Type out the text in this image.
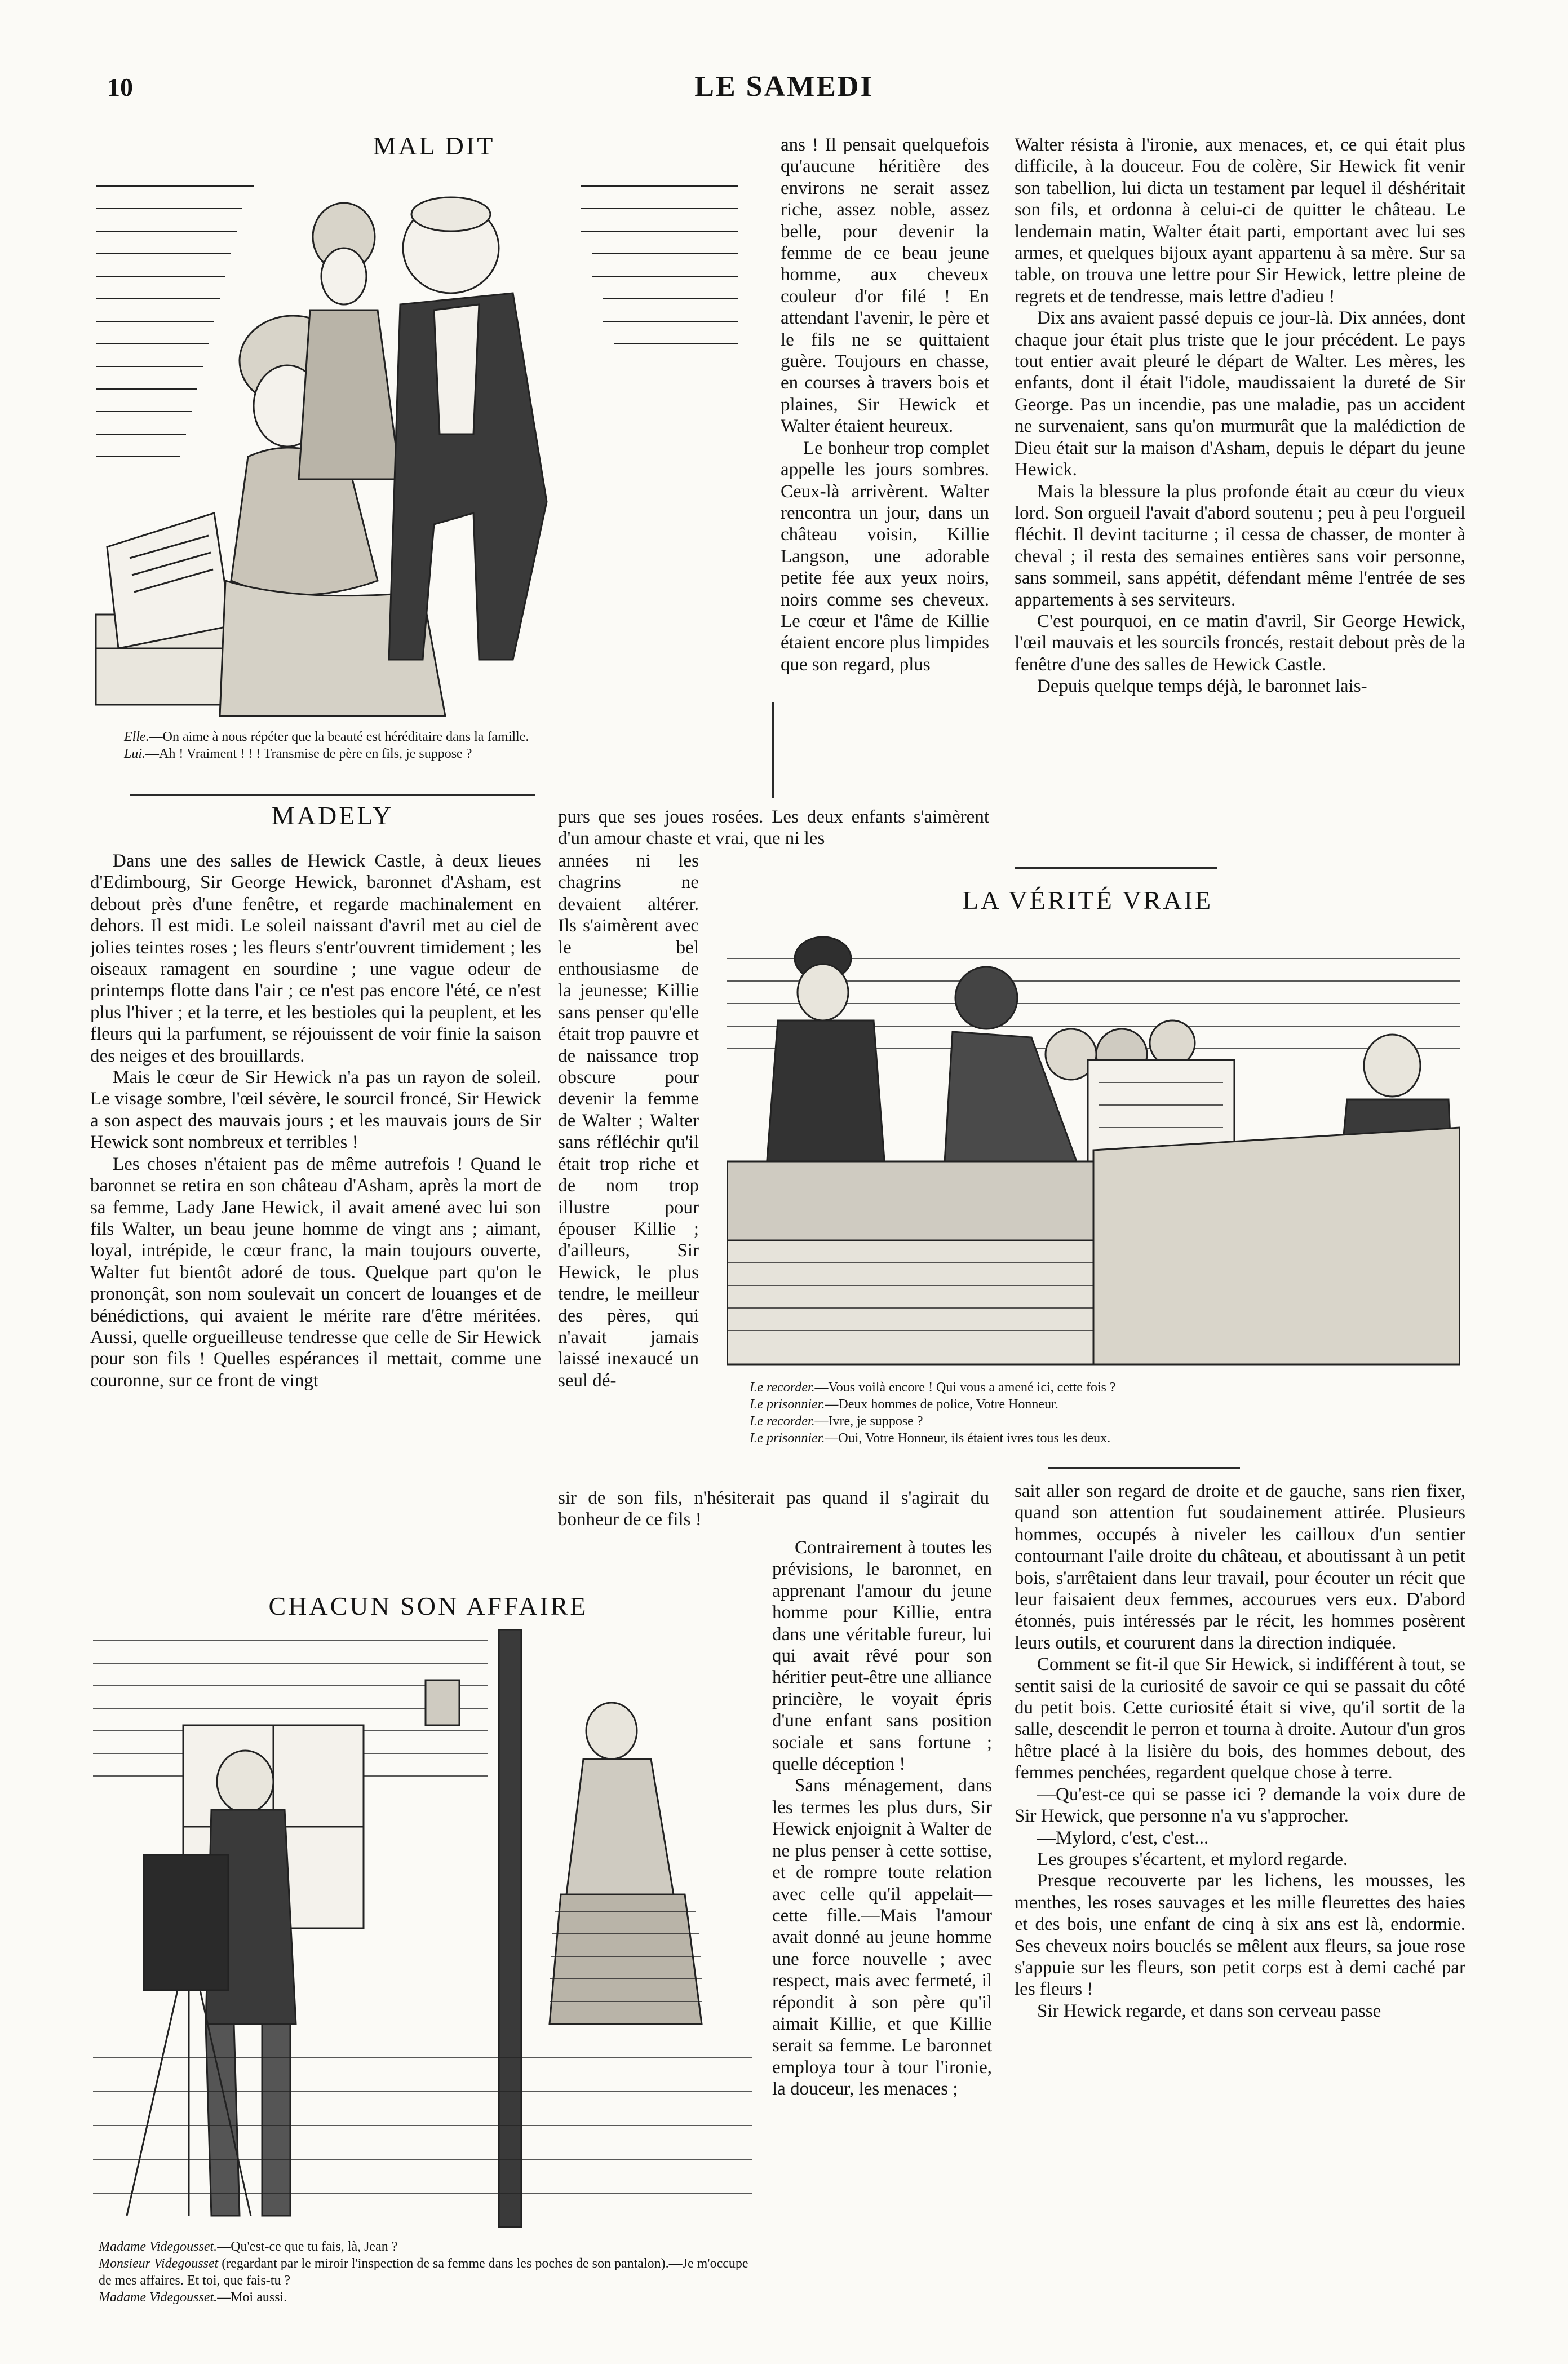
10	LE SAMEDI
MAL DIT
Elle.—On aime à nous répéter que la beauté est héréditaire dans la famille.
Lui.—Ah ! Vraiment ! ! ! Transmise de père en fils, je suppose ?

ans ! Il pensait quelquefois qu'aucune héritière des environs ne serait assez riche, assez noble, assez belle, pour devenir la femme de ce beau jeune homme, aux cheveux couleur d'or filé ! En attendant l'avenir, le père et le fils ne se quittaient guère. Toujours en chasse, en courses à travers bois et plaines, Sir Hewick et Walter étaient heureux.

Le bonheur trop complet appelle les jours sombres. Ceux-là arrivèrent. Walter rencontra un jour, dans un château voisin, Killie Langson, une adorable petite fée aux yeux noirs, noirs comme ses cheveux. Le cœur et l'âme de Killie étaient encore plus limpides que son regard, plus

purs que ses joues rosées. Les deux enfants s'aimèrent d'un amour chaste et vrai, que ni les

années ni les chagrins ne devaient altérer. Ils s'aimèrent avec le bel enthousiasme de la jeunesse; Killie sans penser qu'elle était trop pauvre et de naissance trop obscure pour devenir la femme de Walter ; Walter sans réfléchir qu'il était trop riche et de nom trop illustre pour épouser Killie ; d'ailleurs, Sir Hewick, le plus tendre, le meilleur des pères, qui n'avait jamais laissé inexaucé un seul dé-

sir de son fils, n'hésiterait pas quand il s'agirait du bonheur de ce fils !

Walter résista à l'ironie, aux menaces, et, ce qui était plus difficile, à la douceur. Fou de colère, Sir Hewick fit venir son tabellion, lui dicta un testament par lequel il déshéritait son fils, et ordonna à celui-ci de quitter le château. Le lendemain matin, Walter était parti, emportant avec lui ses armes, et quelques bijoux ayant appartenu à sa mère. Sur sa table, on trouva une lettre pour Sir Hewick, lettre pleine de regrets et de tendresse, mais lettre d'adieu !

Dix ans avaient passé depuis ce jour-là. Dix années, dont chaque jour était plus triste que le jour précédent. Le pays tout entier avait pleuré le départ de Walter. Les mères, les enfants, dont il était l'idole, maudissaient la dureté de Sir George. Pas un incendie, pas une maladie, pas un accident ne survenaient, sans qu'on murmurât que la malédiction de Dieu était sur la maison d'Asham, depuis le départ du jeune Hewick.

Mais la blessure la plus profonde était au cœur du vieux lord. Son orgueil l'avait d'abord soutenu ; peu à peu l'orgueil fléchit. Il devint taciturne ; il cessa de chasser, de monter à cheval ; il resta des semaines entières sans voir personne, sans sommeil, sans appétit, défendant même l'entrée de ses appartements à ses serviteurs.

C'est pourquoi, en ce matin d'avril, Sir George Hewick, l'œil mauvais et les sourcils froncés, restait debout près de la fenêtre d'une des salles de Hewick Castle.

Depuis quelque temps déjà, le baronnet lais-

MADELY

Dans une des salles de Hewick Castle, à deux lieues d'Edimbourg, Sir George Hewick, baronnet d'Asham, est debout près d'une fenêtre, et regarde machinalement en dehors. Il est midi. Le soleil naissant d'avril met au ciel de jolies teintes roses ; les fleurs s'entr'ouvrent timidement ; les oiseaux ramagent en sourdine ; une vague odeur de printemps flotte dans l'air ; ce n'est pas encore l'été, ce n'est plus l'hiver ; et la terre, et les bestioles qui la peuplent, et les fleurs qui la parfument, se réjouissent de voir finie la saison des neiges et des brouillards.

Mais le cœur de Sir Hewick n'a pas un rayon de soleil. Le visage sombre, l'œil sévère, le sourcil froncé, Sir Hewick a son aspect des mauvais jours ; et les mauvais jours de Sir Hewick sont nombreux et terribles !

Les choses n'étaient pas de même autrefois ! Quand le baronnet se retira en son château d'Asham, après la mort de sa femme, Lady Jane Hewick, il avait amené avec lui son fils Walter, un beau jeune homme de vingt ans ; aimant, loyal, intrépide, le cœur franc, la main toujours ouverte, Walter fut bientôt adoré de tous. Quelque part qu'on le prononçât, son nom soulevait un concert de louanges et de bénédictions, qui avaient le mérite rare d'être méritées. Aussi, quelle orgueilleuse tendresse que celle de Sir Hewick pour son fils ! Quelles espérances il mettait, comme une couronne, sur ce front de vingt

LA VÉRITÉ VRAIE
Le recorder.—Vous voilà encore ! Qui vous a amené ici, cette fois ?
Le prisonnier.—Deux hommes de police, Votre Honneur.
Le recorder.—Ivre, je suppose ?
Le prisonnier.—Oui, Votre Honneur, ils étaient ivres tous les deux.
CHACUN SON AFFAIRE
Madame Videgousset.—Qu'est-ce que tu fais, là, Jean ?
Monsieur Videgousset (regardant par le miroir l'inspection de sa femme dans les poches de son pantalon).—Je m'occupe de mes affaires. Et toi, que fais-tu ?
Madame Videgousset.—Moi aussi.

Contrairement à toutes les prévisions, le baronnet, en apprenant l'amour du jeune homme pour Killie, entra dans une véritable fureur, lui qui avait rêvé pour son héritier peut-être une alliance princière, le voyait épris d'une enfant sans position sociale et sans fortune ; quelle déception !

Sans ménagement, dans les termes les plus durs, Sir Hewick enjoignit à Walter de ne plus penser à cette sottise, et de rompre toute relation avec celle qu'il appelait—cette fille.—Mais l'amour avait donné au jeune homme une force nouvelle ; avec respect, mais avec fermeté, il répondit à son père qu'il aimait Killie, et que Killie serait sa femme. Le baronnet employa tour à tour l'ironie, la douceur, les menaces ;

sait aller son regard de droite et de gauche, sans rien fixer, quand son attention fut soudainement attirée. Plusieurs hommes, occupés à niveler les cailloux d'un sentier contournant l'aile droite du château, et aboutissant à un petit bois, s'arrêtaient dans leur travail, pour écouter un récit que leur faisaient deux femmes, accourues vers eux. D'abord étonnés, puis intéressés par le récit, les hommes posèrent leurs outils, et coururent dans la direction indiquée.

Comment se fit-il que Sir Hewick, si indifférent à tout, se sentit saisi de la curiosité de savoir ce qui se passait du côté du petit bois. Cette curiosité était si vive, qu'il sortit de la salle, descendit le perron et tourna à droite. Autour d'un gros hêtre placé à la lisière du bois, des hommes debout, des femmes penchées, regardent quelque chose à terre.

—Qu'est-ce qui se passe ici ? demande la voix dure de Sir Hewick, que personne n'a vu s'approcher.

—Mylord, c'est, c'est...

Les groupes s'écartent, et mylord regarde.

Presque recouverte par les lichens, les mousses, les menthes, les roses sauvages et les mille fleurettes des haies et des bois, une enfant de cinq à six ans est là, endormie. Ses cheveux noirs bouclés se mêlent aux fleurs, sa joue rose s'appuie sur les fleurs, son petit corps est à demi caché par les fleurs !

Sir Hewick regarde, et dans son cerveau passe
